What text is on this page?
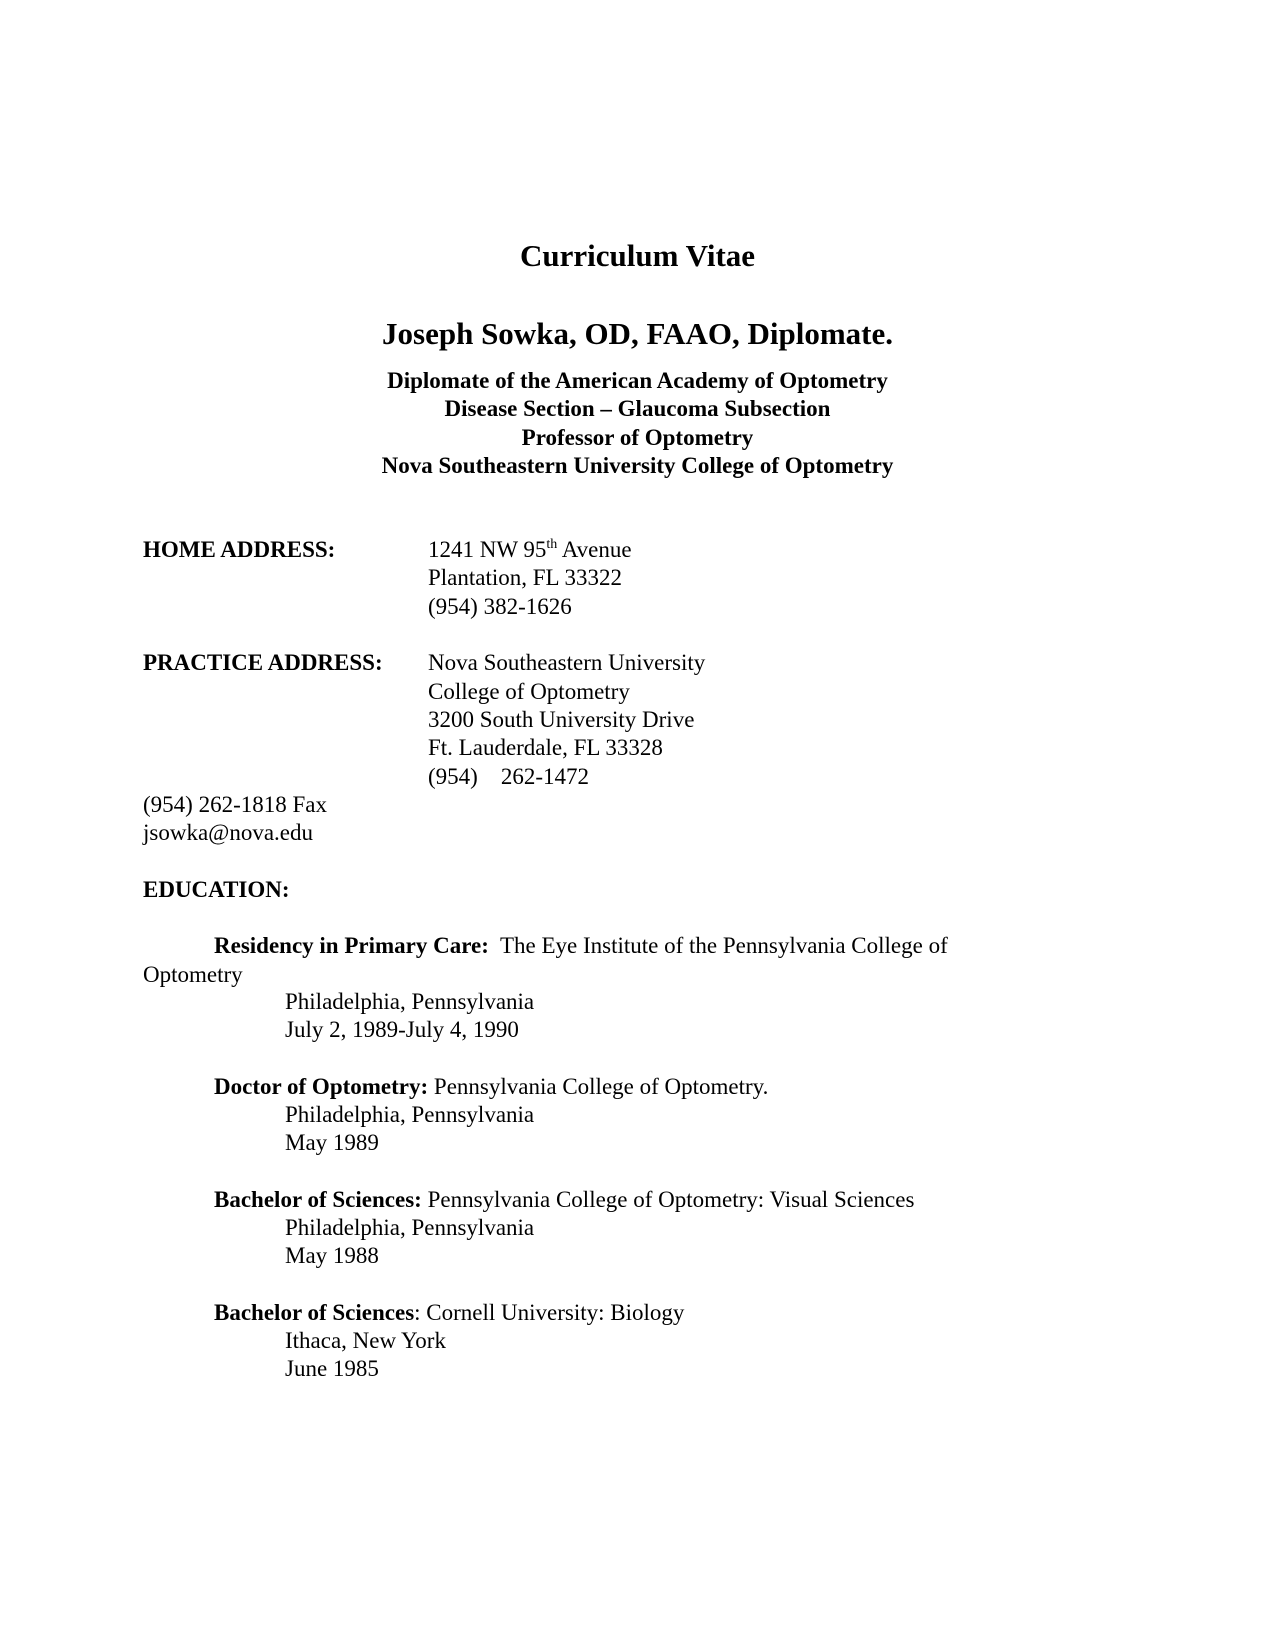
Curriculum Vitae
Joseph Sowka, OD, FAAO, Diplomate.
Diplomate of the American Academy of Optometry
Disease Section – Glaucoma Subsection
Professor of Optometry
Nova Southeastern University College of Optometry
HOME ADDRESS:	1241 NW 95th Avenue
Plantation, FL 33322
(954) 382-1626
PRACTICE ADDRESS: Nova Southeastern University
College of Optometry
3200 South University Drive
Ft. Lauderdale, FL 33328
(954)    262-1472
(954) 262-1818 Fax
jsowka@nova.edu
EDUCATION:
Residency in Primary Care: The Eye Institute of the Pennsylvania College of
Optometry
Philadelphia, Pennsylvania
July 2, 1989-July 4, 1990
Doctor of Optometry: Pennsylvania College of Optometry.
Philadelphia, Pennsylvania
May 1989
Bachelor of Sciences: Pennsylvania College of Optometry: Visual Sciences
Philadelphia, Pennsylvania
May 1988
Bachelor of Sciences: Cornell University: Biology
Ithaca, New York
June 1985
